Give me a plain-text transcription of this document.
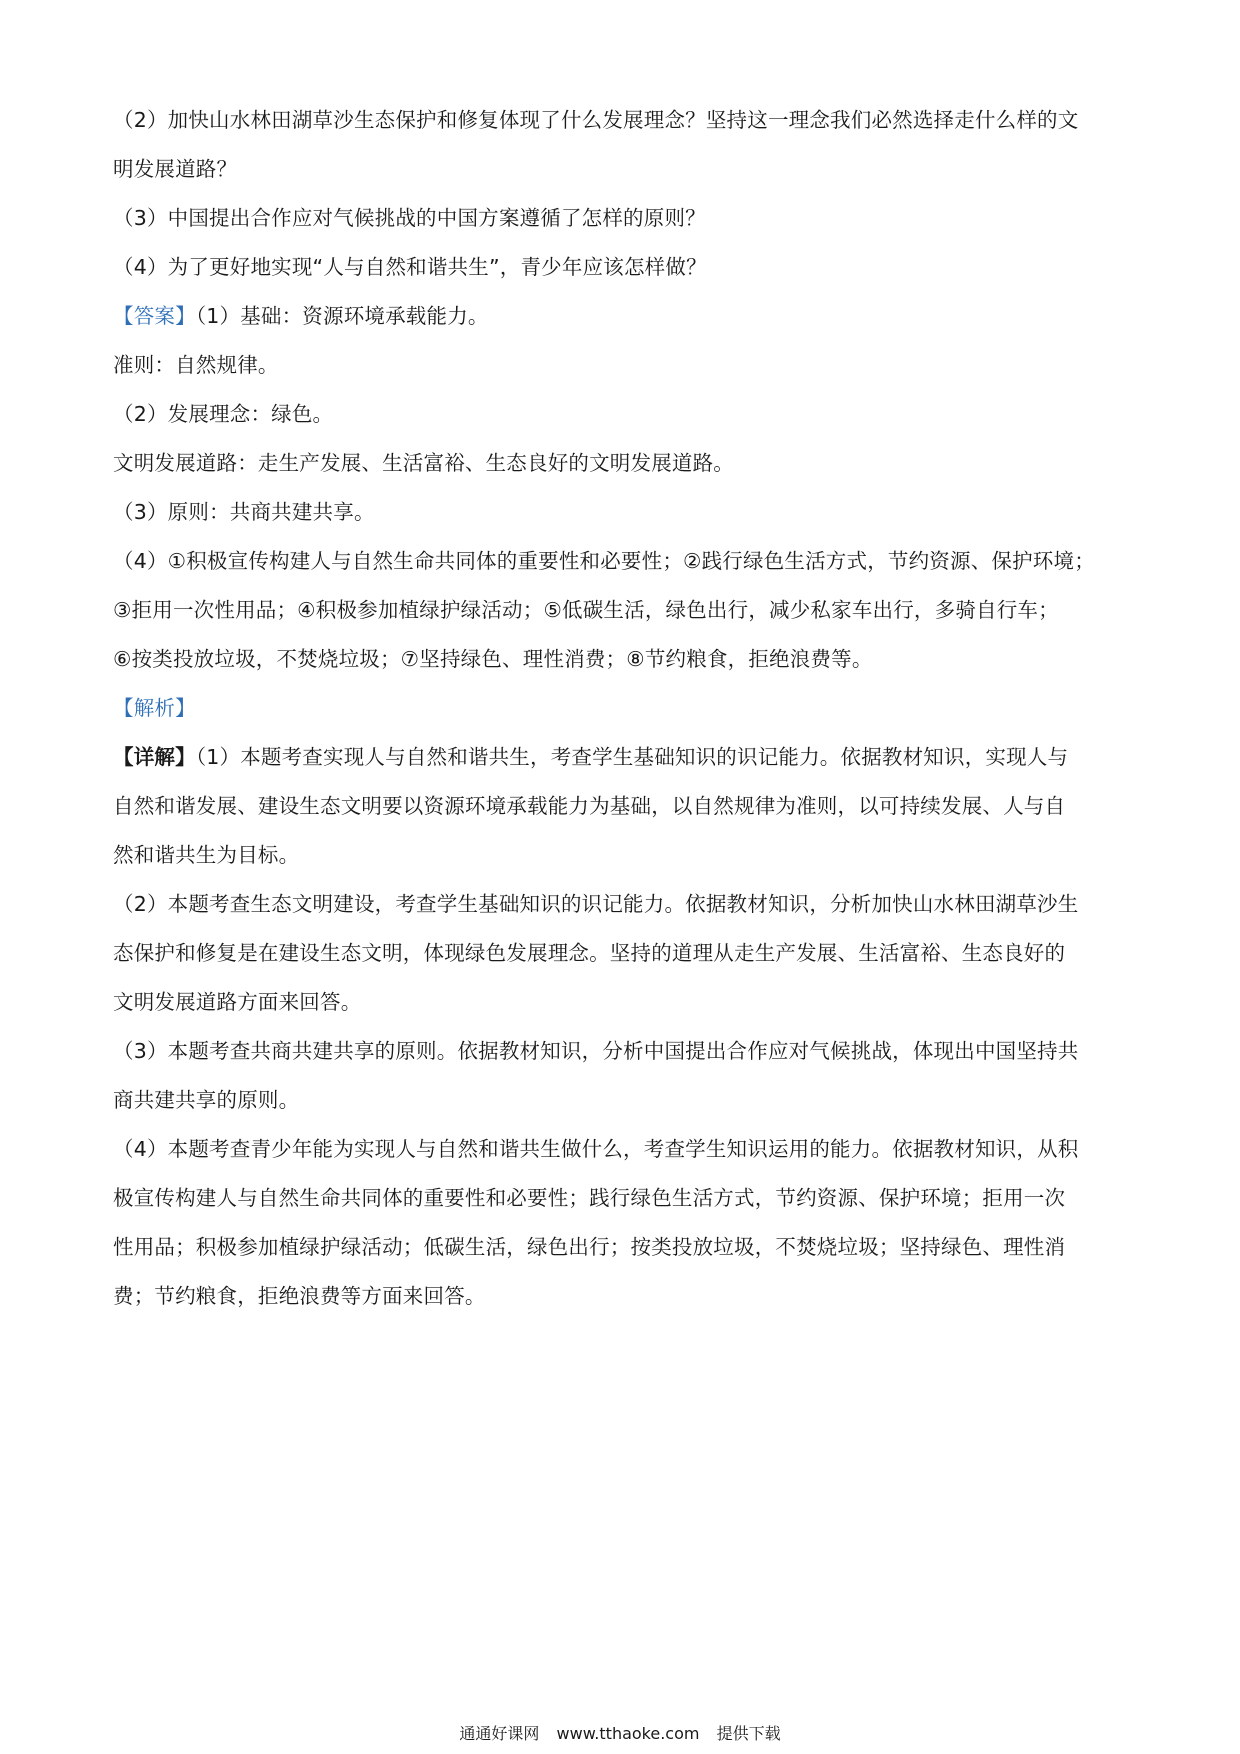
（2）加快山水林田湖草沙生态保护和修复体现了什么发展理念？坚持这一理念我们必然选择走什么样的文
明发展道路？
（3）中国提出合作应对气候挑战的中国方案遵循了怎样的原则？
（4）为了更好地实现“人与自然和谐共生”，青少年应该怎样做？
【答案】（1）基础：资源环境承载能力。
准则：自然规律。
（2）发展理念：绿色。
文明发展道路：走生产发展、生活富裕、生态良好的文明发展道路。
（3）原则：共商共建共享。
（4）①积极宣传构建人与自然生命共同体的重要性和必要性；②践行绿色生活方式，节约资源、保护环境；
③拒用一次性用品；④积极参加植绿护绿活动；⑤低碳生活，绿色出行，减少私家车出行，多骑自行车；
⑥按类投放垃圾，不焚烧垃圾；⑦坚持绿色、理性消费；⑧节约粮食，拒绝浪费等。
【解析】
【详解】（1）本题考查实现人与自然和谐共生，考查学生基础知识的识记能力。依据教材知识，实现人与
自然和谐发展、建设生态文明要以资源环境承载能力为基础，以自然规律为准则，以可持续发展、人与自
然和谐共生为目标。
（2）本题考查生态文明建设，考查学生基础知识的识记能力。依据教材知识，分析加快山水林田湖草沙生
态保护和修复是在建设生态文明，体现绿色发展理念。坚持的道理从走生产发展、生活富裕、生态良好的
文明发展道路方面来回答。
（3）本题考查共商共建共享的原则。依据教材知识，分析中国提出合作应对气候挑战，体现出中国坚持共
商共建共享的原则。
（4）本题考查青少年能为实现人与自然和谐共生做什么，考查学生知识运用的能力。依据教材知识，从积
极宣传构建人与自然生命共同体的重要性和必要性；践行绿色生活方式，节约资源、保护环境；拒用一次
性用品；积极参加植绿护绿活动；低碳生活，绿色出行；按类投放垃圾，不焚烧垃圾；坚持绿色、理性消
费；节约粮食，拒绝浪费等方面来回答。
通通好课网 www.tthaoke.com 提供下载
